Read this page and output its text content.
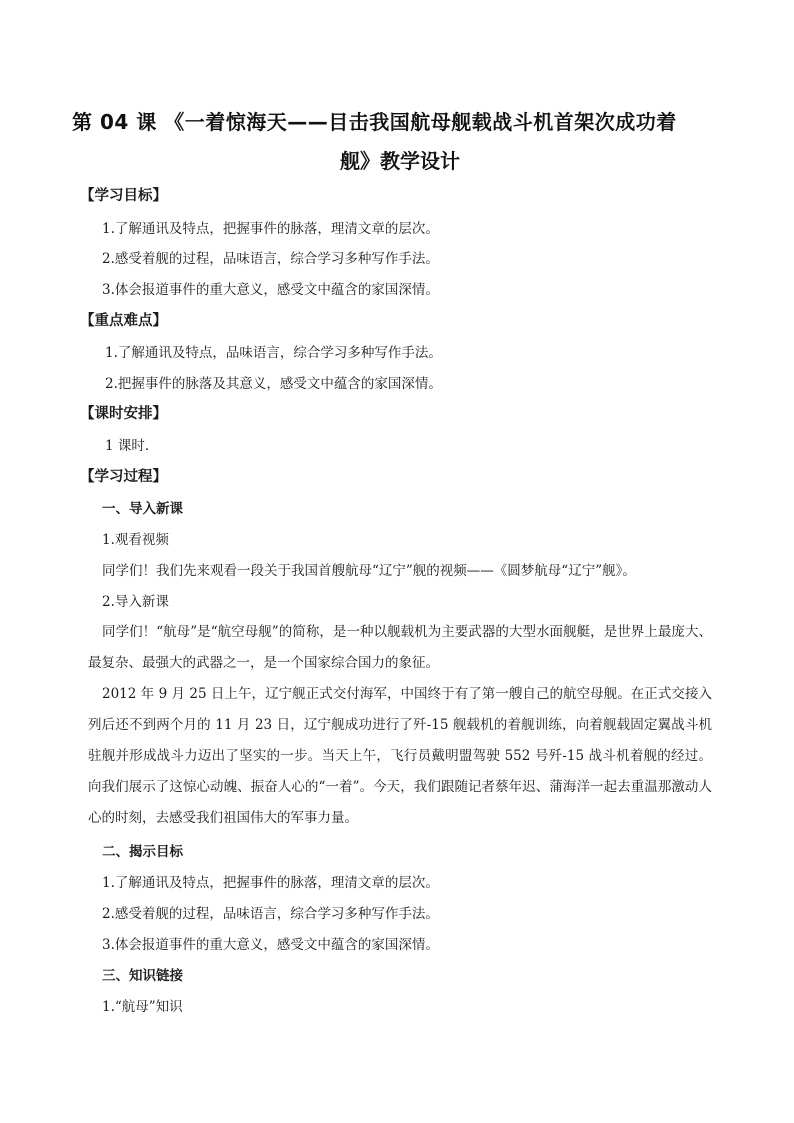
第 04 课 《一着惊海天——目击我国航母舰载战斗机首架次成功着
舰》教学设计
【学习目标】
1.了解通讯及特点，把握事件的脉落，理清文章的层次。
2.感受着舰的过程，品味语言，综合学习多种写作手法。
3.体会报道事件的重大意义，感受文中蕴含的家国深情。
【重点难点】
1.了解通讯及特点，品味语言，综合学习多种写作手法。
2.把握事件的脉落及其意义，感受文中蕴含的家国深情。
【课时安排】
1 课时.
【学习过程】
一、导入新课
1.观看视频
同学们！我们先来观看一段关于我国首艘航母“辽宁”舰的视频——《圆梦航母“辽宁”舰》。
2.导入新课
同学们！“航母”是“航空母舰”的简称，是一种以舰载机为主要武器的大型水面舰艇，是世界上最庞大、最复杂、最强大的武器之一，是一个国家综合国力的象征。
2012 年 9 月 25 日上午，辽宁舰正式交付海军，中国终于有了第一艘自己的航空母舰。在正式交接入列后还不到两个月的 11 月 23 日，辽宁舰成功进行了歼-15 舰载机的着舰训练，向着舰载固定翼战斗机驻舰并形成战斗力迈出了坚实的一步。当天上午，飞行员戴明盟驾驶 552 号歼-15 战斗机着舰的经过。向我们展示了这惊心动魄、振奋人心的“一着”。今天，我们跟随记者蔡年迟、蒲海洋一起去重温那激动人心的时刻，去感受我们祖国伟大的军事力量。
二、揭示目标
1.了解通讯及特点，把握事件的脉落，理清文章的层次。
2.感受着舰的过程，品味语言，综合学习多种写作手法。
3.体会报道事件的重大意义，感受文中蕴含的家国深情。
三、知识链接
1.“航母”知识
